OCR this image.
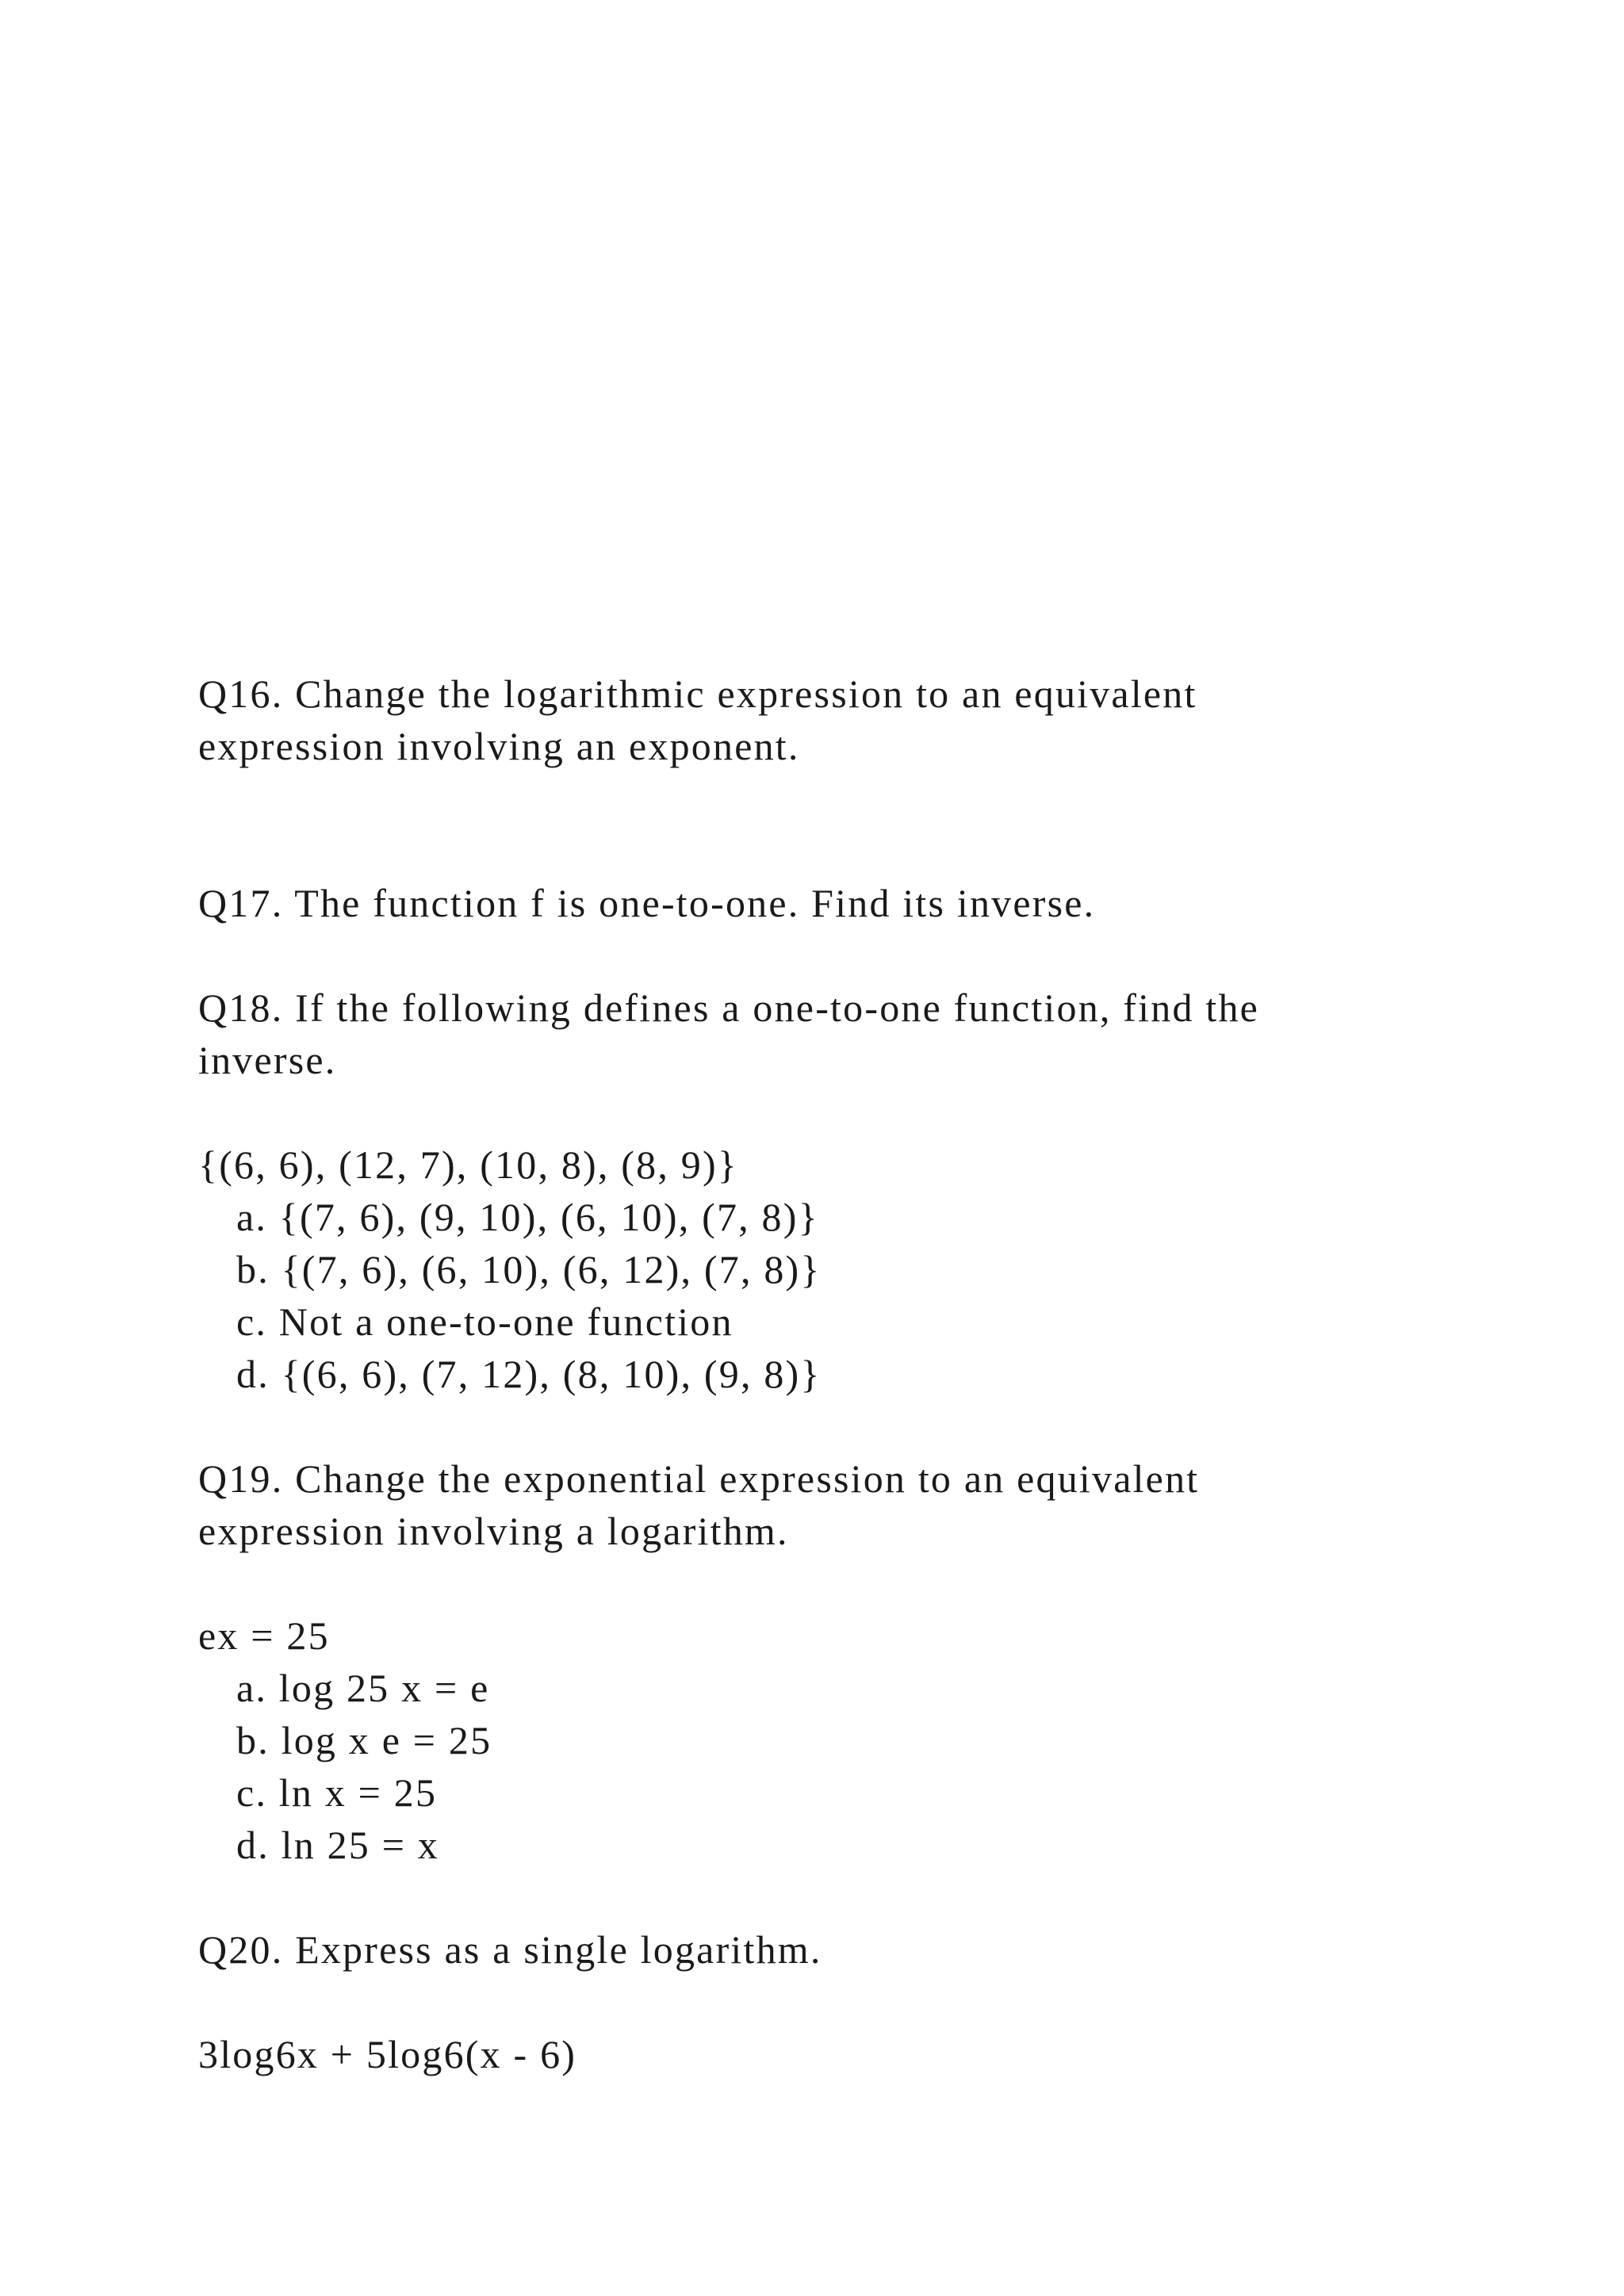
Q16. Change the logarithmic expression to an equivalent

expression involving an exponent.

Q17. The function f is one-to-one. Find its inverse.

Q18. If the following defines a one-to-one function, find the

inverse.

{(6, 6), (12, 7), (10, 8), (8, 9)}

a. {(7, 6), (9, 10), (6, 10), (7, 8)}

b. {(7, 6), (6, 10), (6, 12), (7, 8)}

c. Not a one-to-one function

d. {(6, 6), (7, 12), (8, 10), (9, 8)}

Q19. Change the exponential expression to an equivalent

expression involving a logarithm.

ex = 25

a. log 25 x = e

b. log x e = 25

c. ln x = 25

d. ln 25 = x

Q20. Express as a single logarithm.

3log6x + 5log6(x - 6)
